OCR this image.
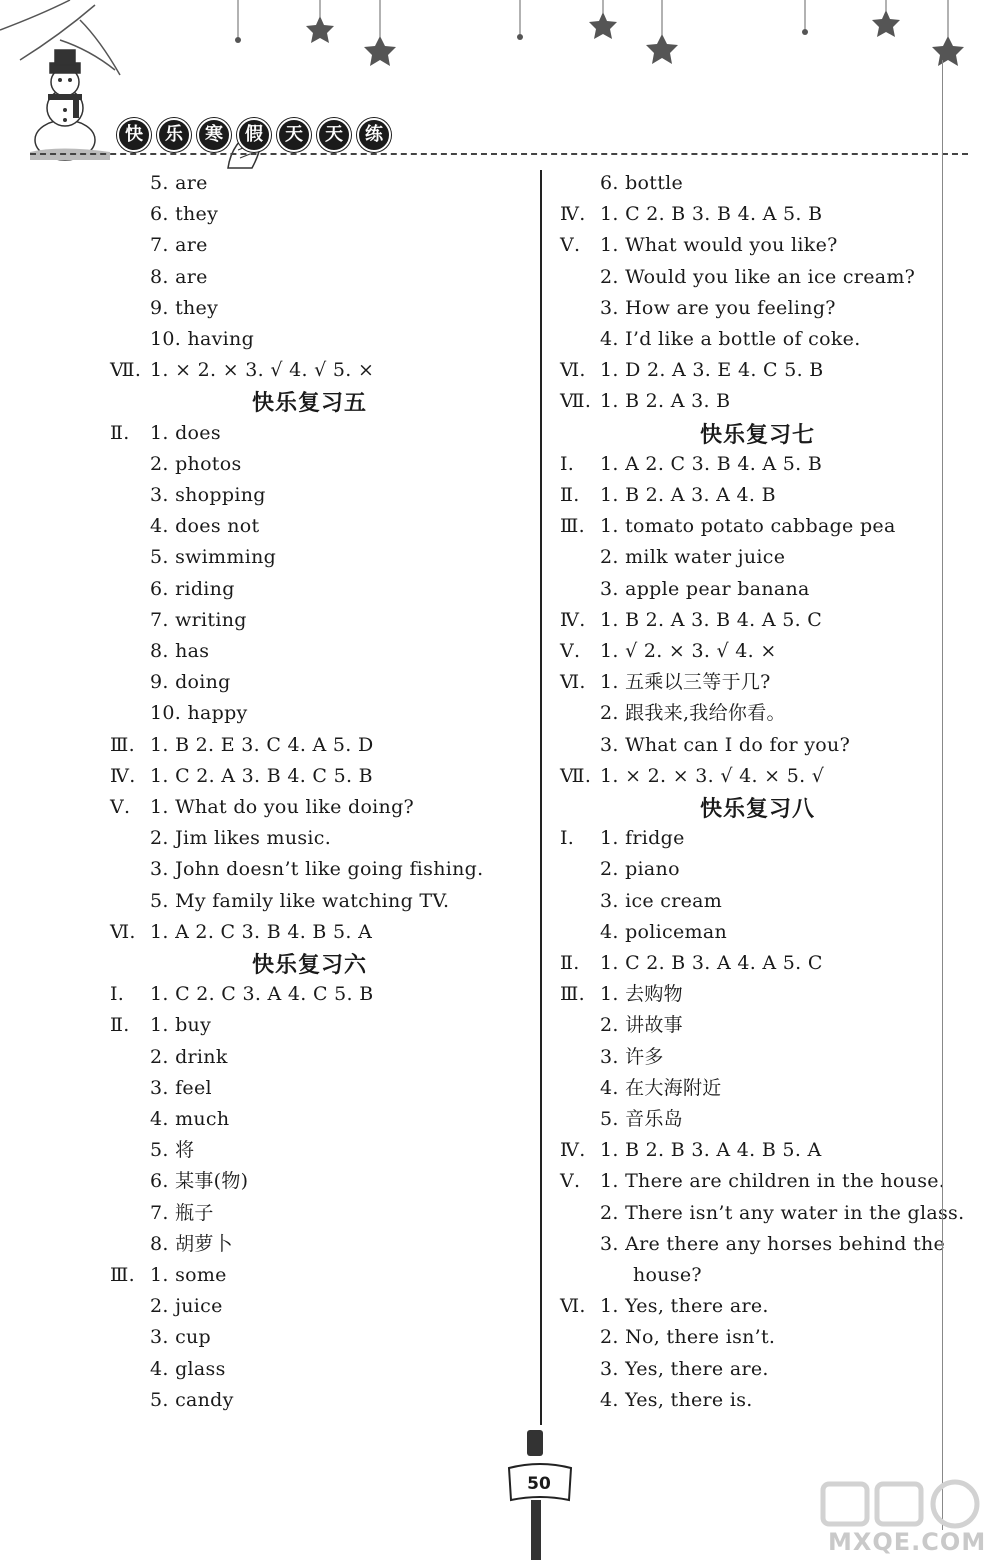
快	乐	寒	假	天	天	练
5. are
6. they
7. are
8. are
9. they
10. having
Ⅶ. 1. × 2. × 3. √ 4. √ 5. ×
快乐复习五
Ⅱ.	1. does
2. photos
3. shopping
4. does not
5. swimming
6. riding
7. writing
8. has
9. doing
10. happy
Ⅲ. 1. B 2. E 3. C 4. A 5. D
Ⅳ. 1. C 2. A 3. B 4. C 5. B
Ⅴ.	1. What do you like doing?
2. Jim likes music.
3. John doesn’t like going fishing.
5. My family like watching TV.
Ⅵ. 1. A 2. C 3. B 4. B 5. A
快乐复习六
Ⅰ.	1. C 2. C 3. A 4. C 5. B
Ⅱ.	1. buy
2. drink
3. feel
4. much
5. 将
6. 某事(物)
7. 瓶子
8. 胡萝卜
Ⅲ. 1. some
2. juice
3. cup
4. glass
5. candy
6. bottle
Ⅳ. 1. C 2. B 3. B 4. A 5. B
Ⅴ.	1. What would you like?
2. Would you like an ice cream?
3. How are you feeling?
4. I’d like a bottle of coke.
Ⅵ. 1. D 2. A 3. E 4. C 5. B
Ⅶ. 1. B 2. A 3. B
快乐复习七
Ⅰ.	1. A 2. C 3. B 4. A 5. B
Ⅱ.	1. B 2. A 3. A 4. B
Ⅲ. 1. tomato potato cabbage pea
2. milk water juice
3. apple pear banana
Ⅳ. 1. B 2. A 3. B 4. A 5. C
Ⅴ.	1. √ 2. × 3. √ 4. ×
Ⅵ. 1. 五乘以三等于几?
2. 跟我来,我给你看。
3. What can I do for you?
Ⅶ. 1. × 2. × 3. √ 4. × 5. √
快乐复习八
Ⅰ.	1. fridge
2. piano
3. ice cream
4. policeman
Ⅱ.	1. C 2. B 3. A 4. A 5. C
Ⅲ. 1. 去购物
2. 讲故事
3. 许多
4. 在大海附近
5. 音乐岛
Ⅳ. 1. B 2. B 3. A 4. B 5. A
Ⅴ.	1. There are children in the house.
2. There isn’t any water in the glass.
3. Are there any horses behind the
house?
Ⅵ. 1. Yes, there are.
2. No, there isn’t.
3. Yes, there are.
4. Yes, there is.
50
MXQE.COM
